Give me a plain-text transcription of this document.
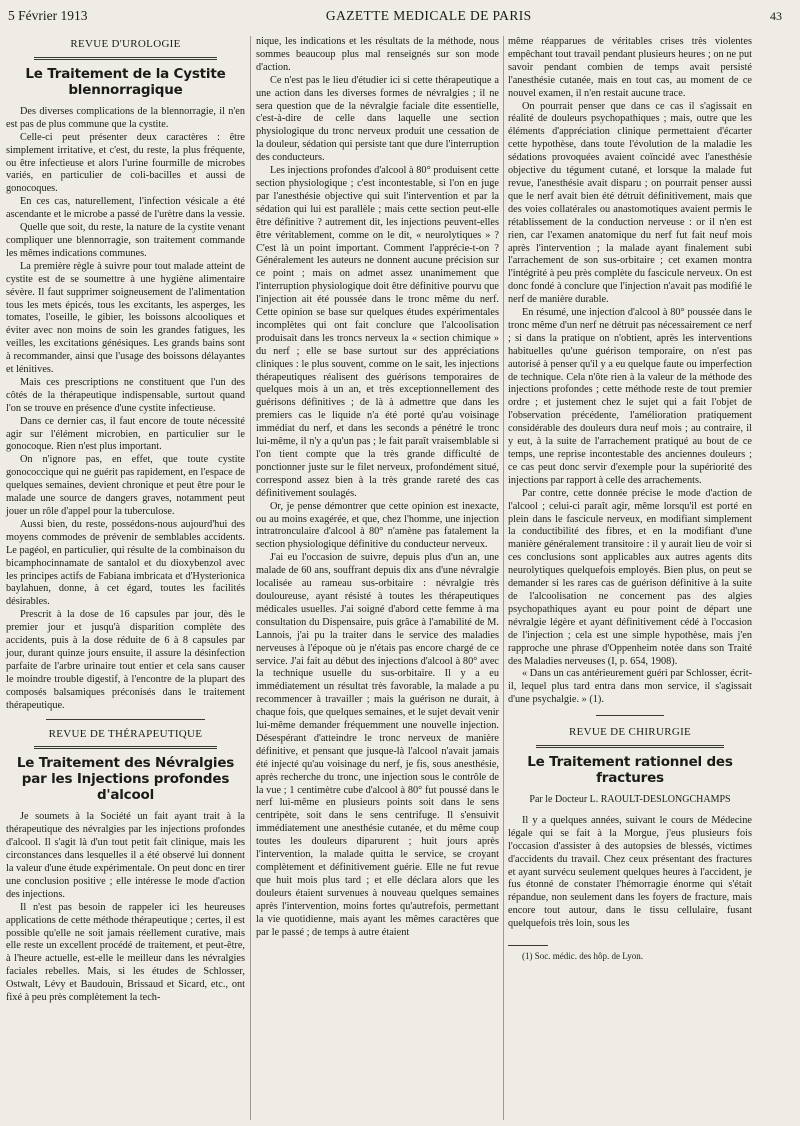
5 Février 1913	GAZETTE MEDICALE DE PARIS	43
REVUE D'UROLOGIE
Le Traitement de la Cystite blennorragique

Des diverses complications de la blennorragie, il n'en est pas de plus commune que la cystite.

Celle-ci peut présenter deux caractères : être simplement irritative, et c'est, du reste, la plus fréquente, ou être infectieuse et alors l'urine fourmille de microbes variés, en particulier de coli-bacilles et aussi de gonocoques.

En ces cas, naturellement, l'infection vésicale a été ascendante et le microbe a passé de l'urètre dans la vessie.

Quelle que soit, du reste, la nature de la cystite venant compliquer une blennorragie, son traitement commande les mêmes indications communes.

La première règle à suivre pour tout malade atteint de cystite est de se soumettre à une hygiène alimentaire sévère. Il faut supprimer soigneusement de l'alimentation tous les mets épicés, tous les excitants, les asperges, les tomates, l'oseille, le gibier, les boissons alcooliques et éviter avec non moins de soin les grandes fatigues, les veilles, les excitations génésiques. Les grands bains sont à recommander, ainsi que l'usage des boissons délayantes et lénitives.

Mais ces prescriptions ne constituent que l'un des côtés de la thérapeutique indispensable, surtout quand l'on se trouve en présence d'une cystite infectieuse.

Dans ce dernier cas, il faut encore de toute nécessité agir sur l'élément microbien, en particulier sur le gonocoque. Rien n'est plus important.

On n'ignore pas, en effet, que toute cystite gonococcique qui ne guérit pas rapidement, en l'espace de quelques semaines, devient chronique et peut être pour le malade une source de dangers graves, notamment peut jouer un rôle d'appel pour la tuberculose.

Aussi bien, du reste, possédons-nous aujourd'hui des moyens commodes de prévenir de semblables accidents. Le pagéol, en particulier, qui résulte de la combinaison du bicamphocinnamate de santalol et du dioxybenzol avec les principes actifs de Fabiana imbricata et d'Hysterionica baylahuen, donne, à cet égard, toutes les facilités désirables.

Prescrit à la dose de 16 capsules par jour, dès le premier jour et jusqu'à disparition complète des accidents, puis à la dose réduite de 6 à 8 capsules par jour, durant quinze jours ensuite, il assure la désinfection parfaite de l'arbre urinaire tout entier et cela sans causer le moindre trouble digestif, à l'encontre de la plupart des composés balsamiques préconisés dans le traitement thérapeutique.

REVUE DE THÉRAPEUTIQUE
Le Traitement des Névralgies
par les Injections profondes d'alcool

Je soumets à la Société un fait ayant trait à la thérapeutique des névralgies par les injections profondes d'alcool. Il s'agit là d'un tout petit fait clinique, mais les circonstances dans lesquelles il a été observé lui donnent la valeur d'une étude expérimentale. On peut donc en tirer une conclusion positive ; elle intéresse le mode d'action des injections.

Il n'est pas besoin de rappeler ici les heureuses applications de cette méthode thérapeutique ; certes, il est possible qu'elle ne soit jamais réellement curative, mais elle reste un excellent procédé de traitement, et peut-être, à l'heure actuelle, est-elle le meilleur dans les névralgies faciales rebelles. Mais, si les études de Schlosser, Ostwalt, Lévy et Baudouin, Brissaud et Sicard, etc., ont fixé à peu près complètement la tech-

nique, les indications et les résultats de la méthode, nous sommes beaucoup plus mal renseignés sur son mode d'action.

Ce n'est pas le lieu d'étudier ici si cette thérapeutique a une action dans les diverses formes de névralgies ; il ne sera question que de la névralgie faciale dite essentielle, c'est-à-dire de celle dans laquelle une section physiologique du tronc nerveux produit une cessation de la douleur, sédation qui persiste tant que dure l'interruption des conducteurs.

Les injections profondes d'alcool à 80° produisent cette section physiologique ; c'est incontestable, si l'on en juge par l'anesthésie objective qui suit l'intervention et par la sédation qui lui est parallèle ; mais cette section peut-elle être définitive ? autrement dit, les injections peuvent-elles être véritablement, comme on le dit, « neurolytiques » ? C'est là un point important. Comment l'apprécie-t-on ? Généralement les auteurs ne donnent aucune précision sur ce point ; mais on admet assez unanimement que l'interruption physiologique doit être définitive pourvu que l'injection ait été poussée dans le tronc même du nerf. Cette opinion se base sur quelques études expérimentales incomplètes qui ont fait conclure que l'alcoolisation produisait dans les troncs nerveux la « section chimique » du nerf ; elle se base surtout sur des appréciations cliniques : le plus souvent, comme on le sait, les injections thérapeutiques réalisent des guérisons temporaires de quelques mois à un an, et très exceptionnellement des guérisons définitives ; de là à admettre que dans les premiers cas le liquide n'a été porté qu'au voisinage immédiat du nerf, et dans les seconds a pénétré le tronc lui-même, il n'y a qu'un pas ; le fait paraît vraisemblable si l'on tient compte que la très grande difficulté de ponctionner juste sur le filet nerveux, profondément situé, correspond assez bien à la très grande rareté des cas définitivement soulagés.

Or, je pense démontrer que cette opinion est inexacte, ou au moins exagérée, et que, chez l'homme, une injection intratronculaire d'alcool à 80° n'amène pas fatalement la section physiologique définitive du conducteur nerveux.

J'ai eu l'occasion de suivre, depuis plus d'un an, une malade de 60 ans, souffrant depuis dix ans d'une névralgie localisée au rameau sus-orbitaire : névralgie très douloureuse, ayant résisté à toutes les thérapeutiques médicales usuelles. J'ai soigné d'abord cette femme à ma consultation du Dispensaire, puis grâce à l'amabilité de M. Lannois, j'ai pu la traiter dans le service des maladies nerveuses à l'époque où je n'étais pas encore chargé de ce service. J'ai fait au début des injections d'alcool à 80° avec la technique usuelle du sus-orbitaire. Il y a eu immédiatement un résultat très favorable, la malade a pu recommencer à travailler ; mais la guérison ne durait, à chaque fois, que quelques semaines, et le sujet devait venir lui-même demander fréquemment une nouvelle injection. Désespérant d'atteindre le tronc nerveux de manière définitive, et pensant que jusque-là l'alcool n'avait jamais été injecté qu'au voisinage du nerf, je fis, sous anesthésie, après recherche du tronc, une injection sous le contrôle de la vue ; 1 centimètre cube d'alcool à 80° fut poussé dans le nerf lui-même en plusieurs points soit dans le sens centripète, soit dans le sens centrifuge. Il s'ensuivit immédiatement une anesthésie cutanée, et du même coup toutes les douleurs diparurent ; huit jours après l'intervention, la malade quitta le service, se croyant complètement et définitivement guérie. Elle ne fut revue que huit mois plus tard ; et elle déclara alors que les douleurs étaient survenues à nouveau quelques semaines après l'intervention, moins fortes qu'autrefois, permettant la vie quotidienne, mais ayant les mêmes caractères que par le passé ; de temps à autre étaient

même réapparues de véritables crises très violentes empêchant tout travail pendant plusieurs heures ; on ne put savoir pendant combien de temps avait persisté l'anesthésie cutanée, mais en tout cas, au moment de ce nouvel examen, il n'en restait aucune trace.

On pourrait penser que dans ce cas il s'agissait en réalité de douleurs psychopathiques ; mais, outre que les éléments d'appréciation clinique permettaient d'écarter cette hypothèse, dans toute l'évolution de la maladie les sédations provoquées avaient coïncidé avec l'anesthésie objective du tégument cutané, et lorsque la malade fut revue, l'anesthésie avait disparu ; on pourrait penser aussi que le nerf avait bien été détruit définitivement, mais que des voies collatérales ou anastomotiques avaient permis le rétablissement de la conduction nerveuse : or il n'en est rien, car l'examen anatomique du nerf fut fait neuf mois après l'intervention ; la malade ayant finalement subi l'arrachement de son sus-orbitaire ; cet examen montra l'intégrité à peu près complète du fascicule nerveux. On est donc fondé à conclure que l'injection n'avait pas modifié le nerf de manière durable.

En résumé, une injection d'alcool à 80° poussée dans le tronc même d'un nerf ne détruit pas nécessairement ce nerf ; si dans la pratique on n'obtient, après les interventions habituelles qu'une guérison temporaire, on n'est pas autorisé à penser qu'il y a eu quelque faute ou imperfection de technique. Cela n'ôte rien à la valeur de la méthode des injections profondes ; cette méthode reste de tout premier ordre ; et justement chez le sujet qui a fait l'objet de l'observation précédente, l'amélioration pratiquement considérable des douleurs dura neuf mois ; au contraire, il y eut, à la suite de l'arrachement pratiqué au bout de ce temps, une reprise incontestable des anciennes douleurs ; ce cas peut donc servir d'exemple pour la supériorité des injections par rapport à celle des arrachements.

Par contre, cette donnée précise le mode d'action de l'alcool ; celui-ci paraît agir, même lorsqu'il est porté en plein dans le fascicule nerveux, en modifiant simplement la conductibilité des fibres, et en la modifiant d'une manière généralement transitoire : il y aurait lieu de voir si ces conclusions sont applicables aux autres agents dits neurolytiques quelquefois employés. Bien plus, on peut se demander si les rares cas de guérison définitive à la suite de l'alcoolisation ne concernent pas des algies psychopathiques ayant eu pour point de départ une névralgie légère et ayant définitivement cédé à l'occasion de l'injection ; cela est une simple hypothèse, mais j'en rapproche une phrase d'Oppenheim notée dans son Traité des Maladies nerveuses (I, p. 654, 1908).

« Dans un cas antérieurement guéri par Schlosser, écrit-il, lequel plus tard entra dans mon service, il s'agissait d'une psychalgie. » (1).

REVUE DE CHIRURGIE
Le Traitement rationnel des fractures
Par le Docteur L. RAOULT-DESLONGCHAMPS

Il y a quelques années, suivant le cours de Médecine légale qui se fait à la Morgue, j'eus plusieurs fois l'occasion d'assister à des autopsies de blessés, victimes d'accidents du travail. Chez ceux présentant des fractures et ayant survécu seulement quelques heures à l'accident, je fus étonné de constater l'hémorragie énorme qui s'était répandue, non seulement dans les foyers de fracture, mais encore tout autour, dans le tissu cellulaire, fusant quelquefois très loin, sous les

(1) Soc. médic. des hôp. de Lyon.
